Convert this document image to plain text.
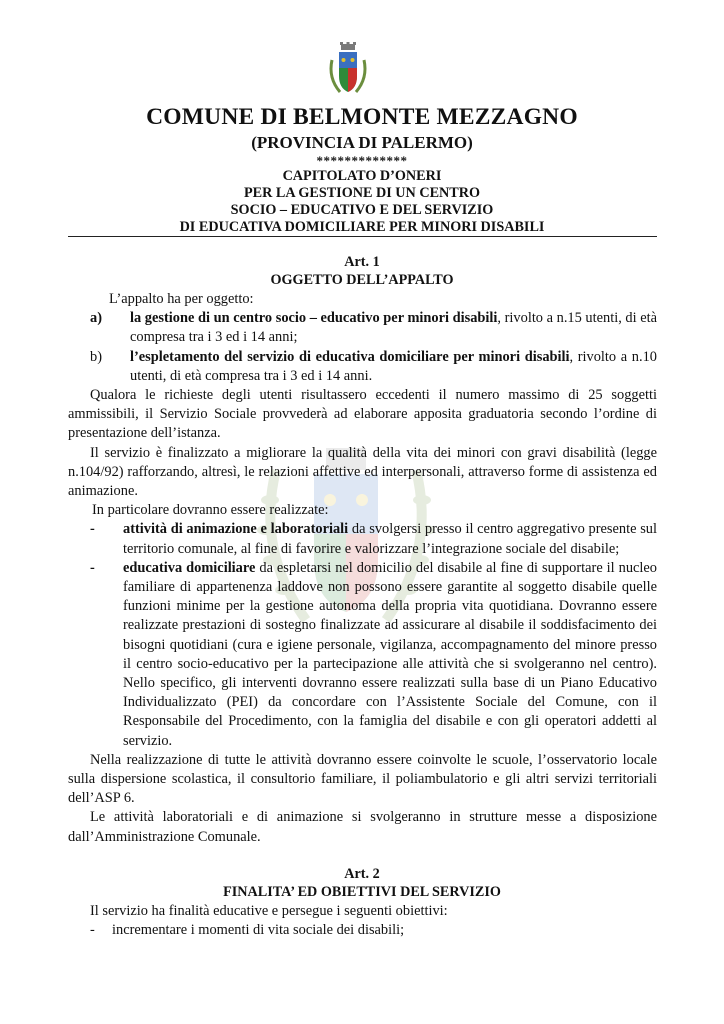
COMUNE DI BELMONTE MEZZAGNO
(PROVINCIA DI PALERMO)
*************
CAPITOLATO D’ONERI
PER LA GESTIONE DI UN CENTRO
SOCIO – EDUCATIVO E DEL SERVIZIO
DI EDUCATIVA DOMICILIARE PER MINORI DISABILI
Art. 1
OGGETTO DELL’APPALTO

L’appalto ha per oggetto:

a) la gestione di un centro socio – educativo per minori disabili, rivolto a n.15 utenti, di età compresa tra i 3 ed i 14 anni;

b) l’espletamento del servizio di educativa domiciliare per minori disabili, rivolto a n.10 utenti, di età compresa tra i 3 ed i 14 anni.

Qualora le richieste degli utenti risultassero eccedenti il numero massimo di 25 soggetti ammissibili, il Servizio Sociale provvederà ad elaborare apposita graduatoria secondo l’ordine di presentazione dell’istanza.

Il servizio è finalizzato a migliorare la qualità della vita dei minori con gravi disabilità (legge n.104/92) rafforzando, altresì, le relazioni affettive ed interpersonali, attraverso forme di assistenza ed animazione.

In particolare dovranno essere realizzate:

- attività di animazione e laboratoriali da svolgersi presso il centro aggregativo presente sul territorio comunale, al fine di favorire e valorizzare l’integrazione sociale del disabile;

- educativa domiciliare da espletarsi nel domicilio del disabile al fine di supportare il nucleo familiare di appartenenza laddove non possono essere garantite al soggetto disabile quelle funzioni minime per la gestione autonoma della propria vita quotidiana. Dovranno essere realizzate prestazioni di sostegno finalizzate ad assicurare al disabile il soddisfacimento dei bisogni quotidiani (cura e igiene personale, vigilanza, accompagnamento del minore presso il centro socio-educativo per la partecipazione alle attività che si svolgeranno nel centro). Nello specifico, gli interventi dovranno essere realizzati sulla base di un Piano Educativo Individualizzato (PEI) da concordare con l’Assistente Sociale del Comune, con il Responsabile del Procedimento, con la famiglia del disabile e con gli operatori addetti al servizio.

Nella realizzazione di tutte le attività dovranno essere coinvolte le scuole, l’osservatorio locale sulla dispersione scolastica, il consultorio familiare, il poliambulatorio e gli altri servizi territoriali dell’ASP 6.

Le attività laboratoriali e di animazione si svolgeranno in strutture messe a disposizione dall’Amministrazione Comunale.

Art. 2
FINALITA’ ED OBIETTIVI DEL SERVIZIO

Il servizio ha finalità educative e persegue i seguenti obiettivi:

- incrementare i momenti di vita sociale dei disabili;
